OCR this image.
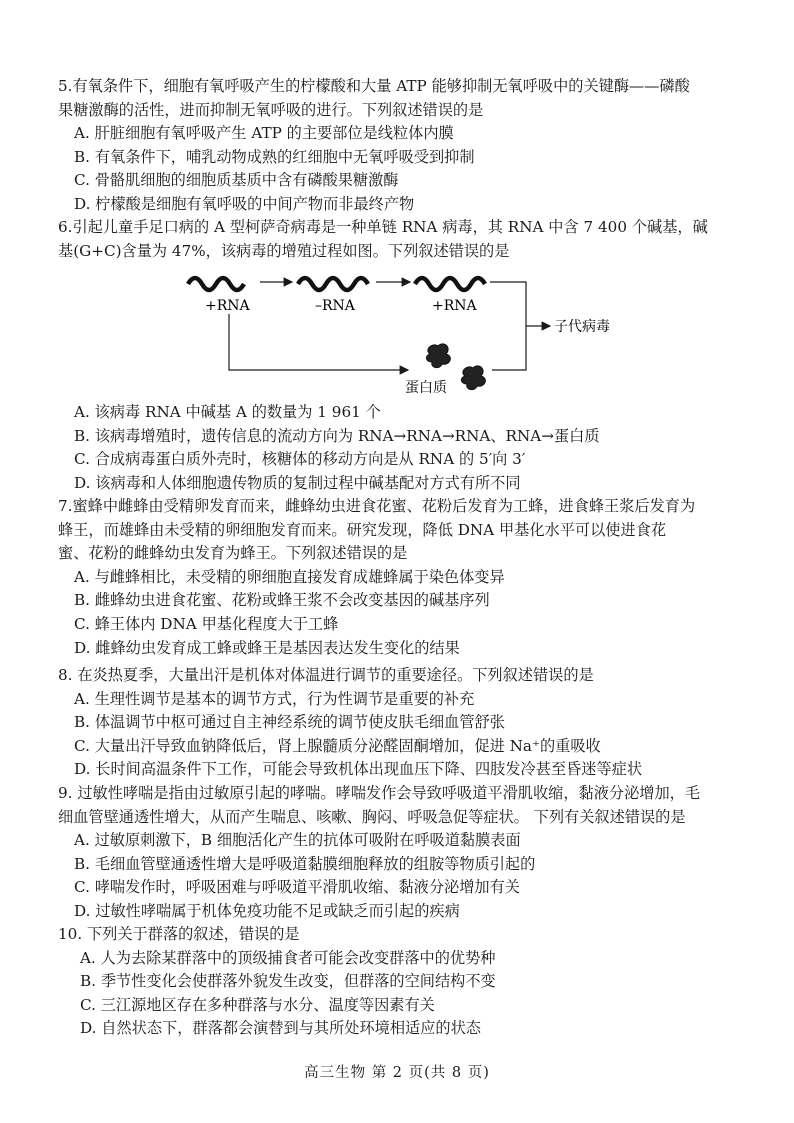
5.有氧条件下，细胞有氧呼吸产生的柠檬酸和大量 ATP 能够抑制无氧呼吸中的关键酶——磷酸

果糖激酶的活性，进而抑制无氧呼吸的进行。下列叙述错误的是

A. 肝脏细胞有氧呼吸产生 ATP 的主要部位是线粒体内膜

B. 有氧条件下，哺乳动物成熟的红细胞中无氧呼吸受到抑制

C. 骨骼肌细胞的细胞质基质中含有磷酸果糖激酶

D. 柠檬酸是细胞有氧呼吸的中间产物而非最终产物

6.引起儿童手足口病的 A 型柯萨奇病毒是一种单链 RNA 病毒，其 RNA 中含 7 400 个碱基，碱

基(G+C)含量为 47%，该病毒的增殖过程如图。下列叙述错误的是

+RNA	–RNA	+RNA
子代病毒
蛋白质

A. 该病毒 RNA 中碱基 A 的数量为 1 961 个

B. 该病毒增殖时，遗传信息的流动方向为 RNA→RNA→RNA、RNA→蛋白质

C. 合成病毒蛋白质外壳时，核糖体的移动方向是从 RNA 的 5′向 3′

D. 该病毒和人体细胞遗传物质的复制过程中碱基配对方式有所不同

7.蜜蜂中雌蜂由受精卵发育而来，雌蜂幼虫进食花蜜、花粉后发育为工蜂，进食蜂王浆后发育为

蜂王，而雄蜂由未受精的卵细胞发育而来。研究发现，降低 DNA 甲基化水平可以使进食花

蜜、花粉的雌蜂幼虫发育为蜂王。下列叙述错误的是

A. 与雌蜂相比，未受精的卵细胞直接发育成雄蜂属于染色体变异

B. 雌蜂幼虫进食花蜜、花粉或蜂王浆不会改变基因的碱基序列

C. 蜂王体内 DNA 甲基化程度大于工蜂

D. 雌蜂幼虫发育成工蜂或蜂王是基因表达发生变化的结果

8. 在炎热夏季，大量出汗是机体对体温进行调节的重要途径。下列叙述错误的是

A. 生理性调节是基本的调节方式，行为性调节是重要的补充

B. 体温调节中枢可通过自主神经系统的调节使皮肤毛细血管舒张

C. 大量出汗导致血钠降低后，肾上腺髓质分泌醛固酮增加，促进 Na⁺的重吸收

D. 长时间高温条件下工作，可能会导致机体出现血压下降、四肢发冷甚至昏迷等症状

9. 过敏性哮喘是指由过敏原引起的哮喘。哮喘发作会导致呼吸道平滑肌收缩，黏液分泌增加，毛

细血管壁通透性增大，从而产生喘息、咳嗽、胸闷、呼吸急促等症状。 下列有关叙述错误的是

A. 过敏原刺激下，B 细胞活化产生的抗体可吸附在呼吸道黏膜表面

B. 毛细血管壁通透性增大是呼吸道黏膜细胞释放的组胺等物质引起的

C. 哮喘发作时，呼吸困难与呼吸道平滑肌收缩、黏液分泌增加有关

D. 过敏性哮喘属于机体免疫功能不足或缺乏而引起的疾病

10. 下列关于群落的叙述，错误的是

A. 人为去除某群落中的顶级捕食者可能会改变群落中的优势种

B. 季节性变化会使群落外貌发生改变，但群落的空间结构不变

C. 三江源地区存在多种群落与水分、温度等因素有关

D. 自然状态下，群落都会演替到与其所处环境相适应的状态

高三生物 第 2 页(共 8 页)
